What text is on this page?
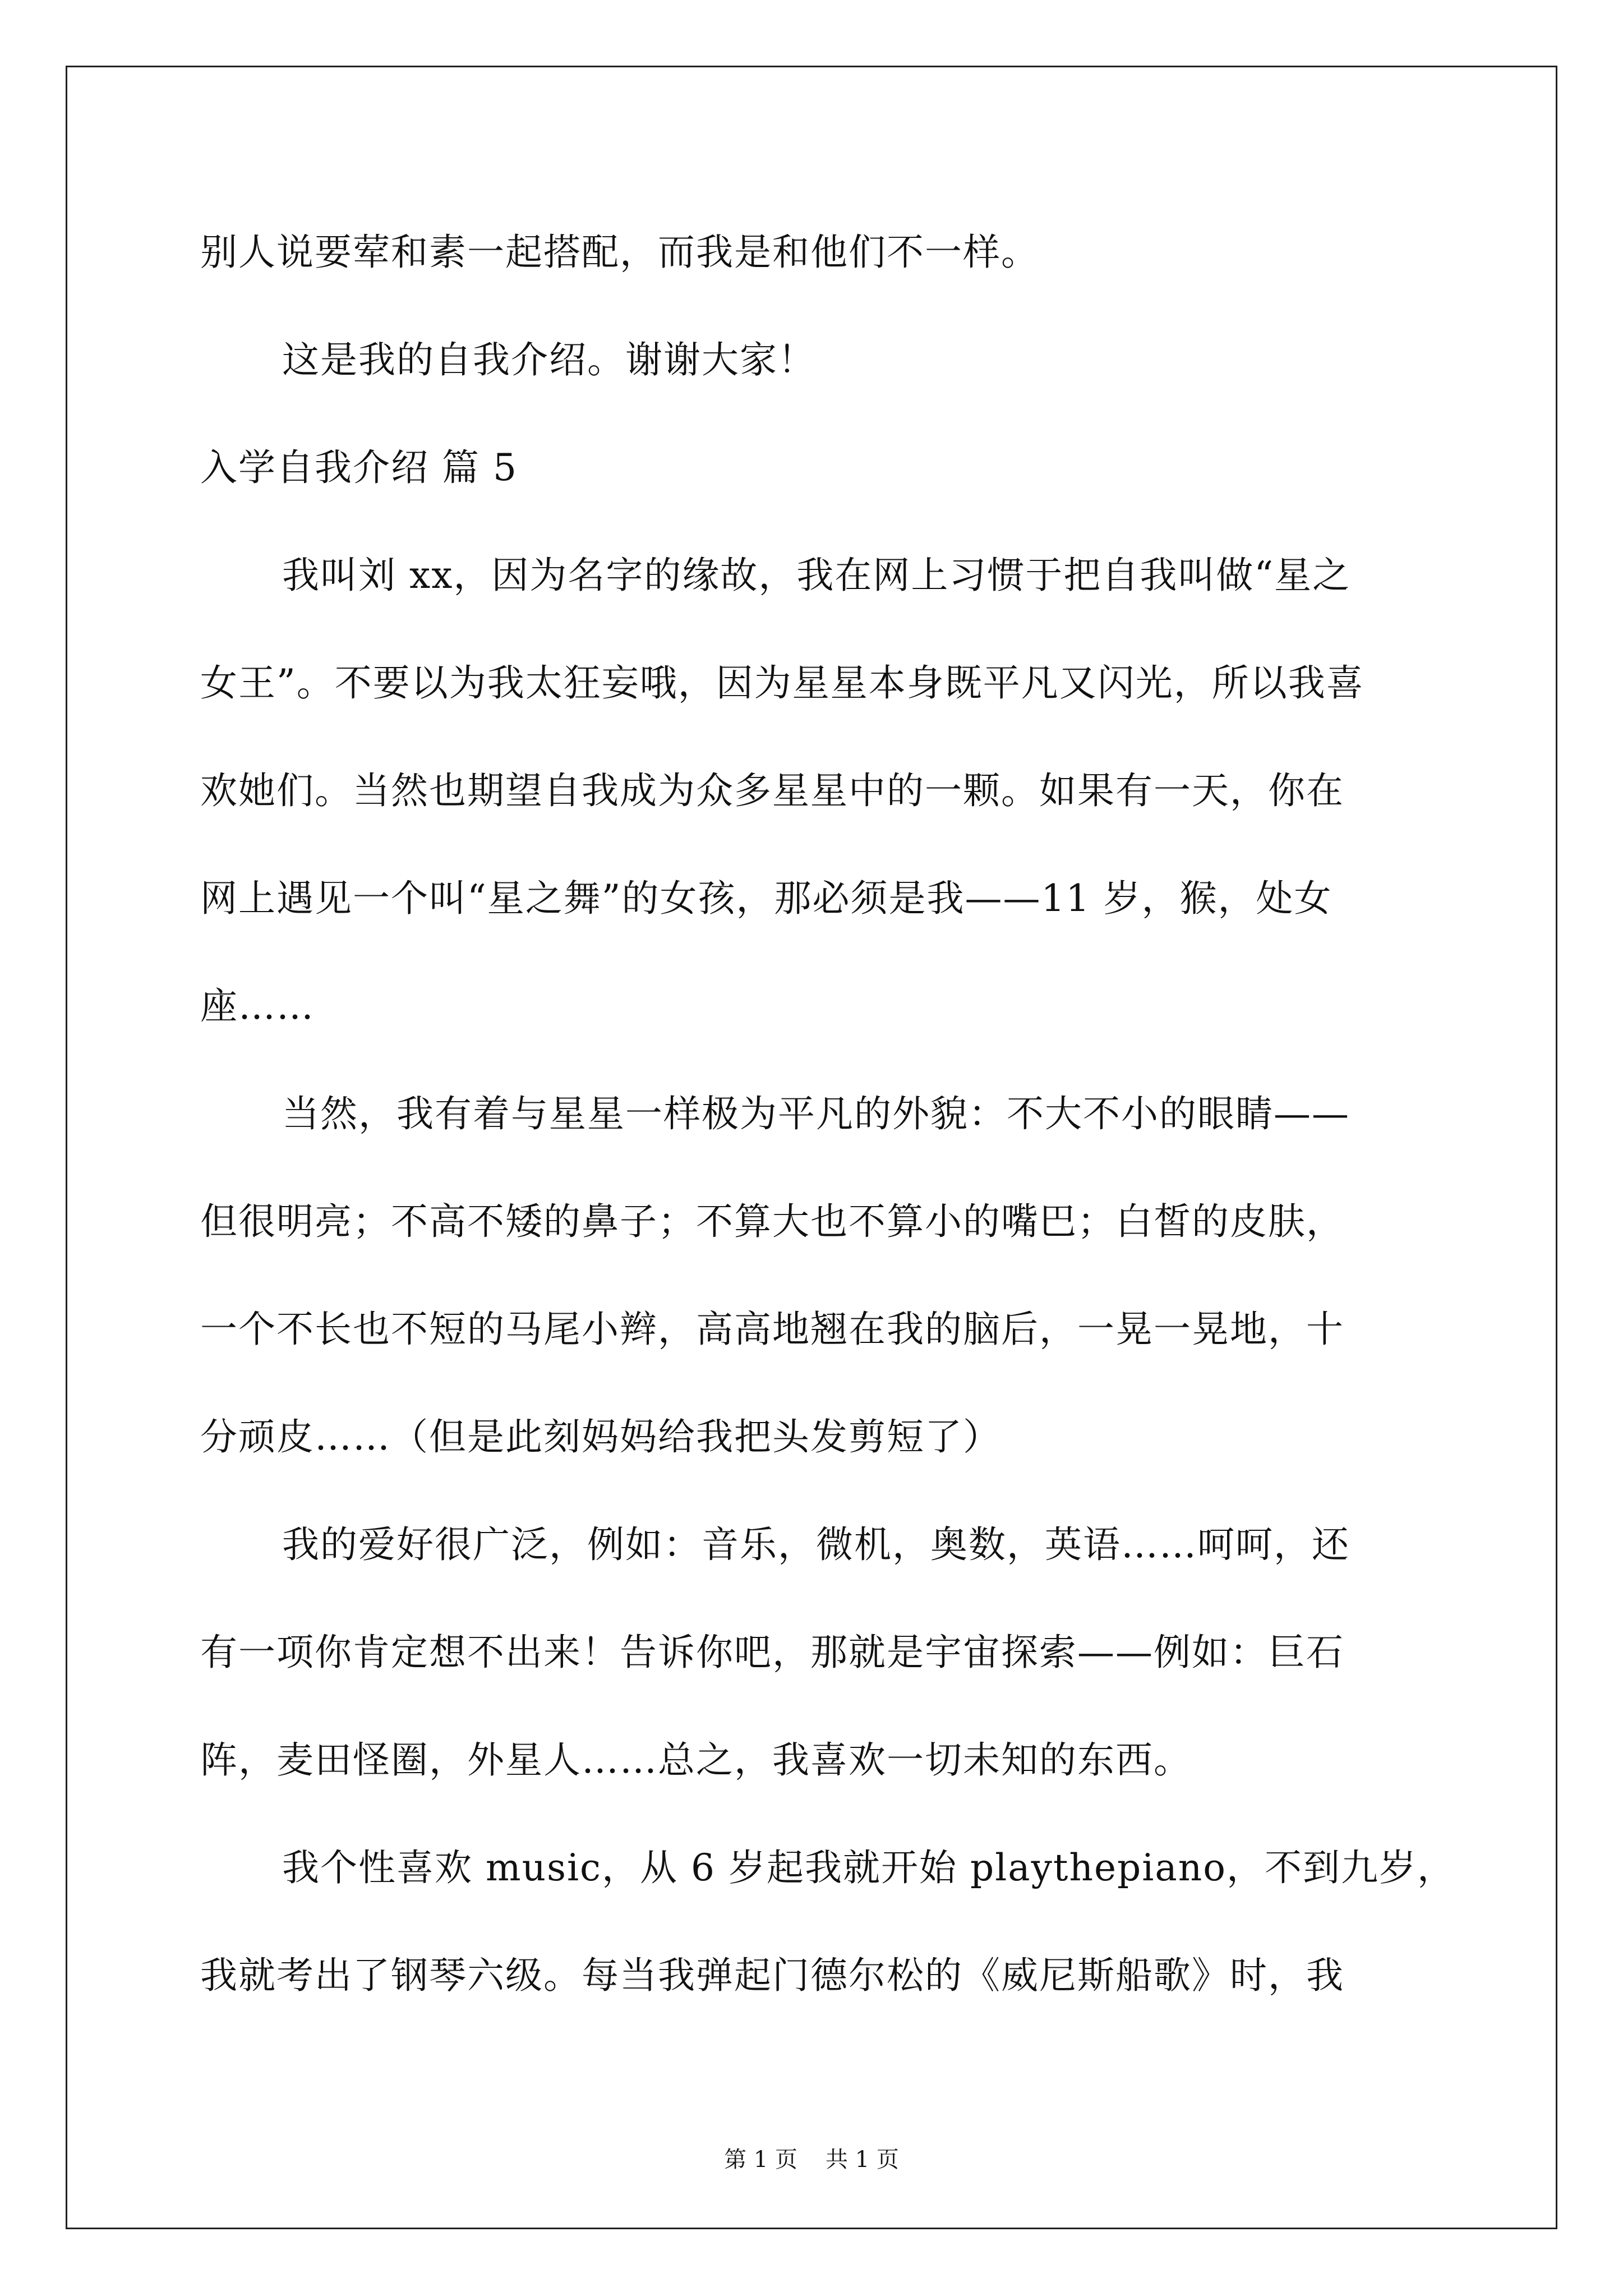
别人说要荤和素一起搭配，而我是和他们不一样。
这是我的自我介绍。谢谢大家！
入学自我介绍 篇 5
我叫刘 xx，因为名字的缘故，我在网上习惯于把自我叫做“星之
女王”。不要以为我太狂妄哦，因为星星本身既平凡又闪光，所以我喜
欢她们。当然也期望自我成为众多星星中的一颗。如果有一天，你在
网上遇见一个叫“星之舞”的女孩，那必须是我——11 岁，猴，处女
座……
当然，我有着与星星一样极为平凡的外貌：不大不小的眼睛——
但很明亮；不高不矮的鼻子；不算大也不算小的嘴巴；白皙的皮肤，
一个不长也不短的马尾小辫，高高地翘在我的脑后，一晃一晃地，十
分顽皮……（但是此刻妈妈给我把头发剪短了）
我的爱好很广泛，例如：音乐，微机，奥数，英语……呵呵，还
有一项你肯定想不出来！告诉你吧，那就是宇宙探索——例如：巨石
阵，麦田怪圈，外星人……总之，我喜欢一切未知的东西。
我个性喜欢 music，从 6 岁起我就开始 playthepiano，不到九岁，
我就考出了钢琴六级。每当我弹起门德尔松的《威尼斯船歌》时，我
第 1 页 共 1 页
